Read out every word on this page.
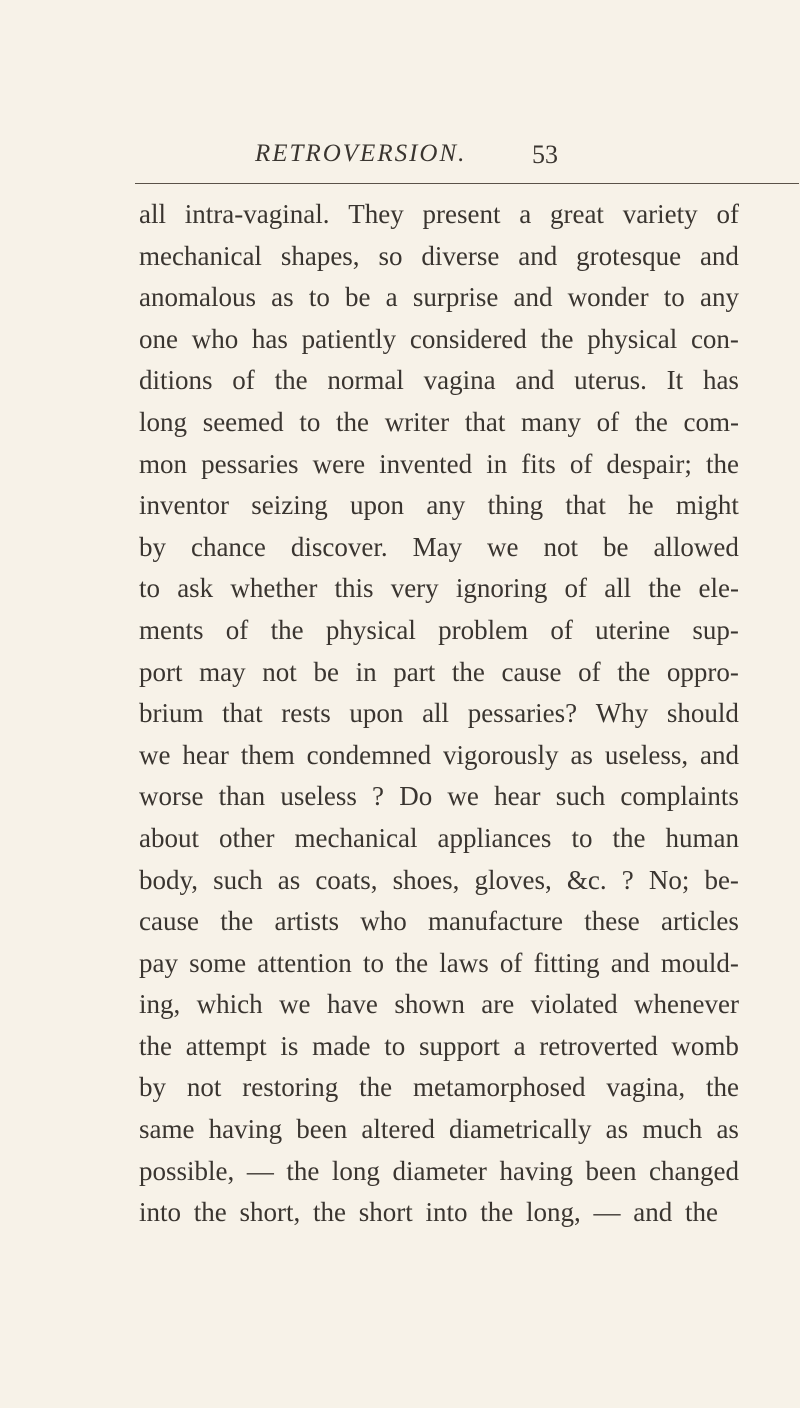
RETROVERSION.	53
all intra-vaginal. They present a great variety of
mechanical shapes, so diverse and grotesque and
anomalous as to be a surprise and wonder to any
one who has patiently considered the physical con-
ditions of the normal vagina and uterus. It has
long seemed to the writer that many of the com-
mon pessaries were invented in fits of despair; the
inventor seizing upon any thing that he might
by chance discover. May we not be allowed
to ask whether this very ignoring of all the ele-
ments of the physical problem of uterine sup-
port may not be in part the cause of the oppro-
brium that rests upon all pessaries? Why should
we hear them condemned vigorously as useless, and
worse than useless ? Do we hear such complaints
about other mechanical appliances to the human
body, such as coats, shoes, gloves, &c. ? No; be-
cause the artists who manufacture these articles
pay some attention to the laws of fitting and mould-
ing, which we have shown are violated whenever
the attempt is made to support a retroverted womb
by not restoring the metamorphosed vagina, the
same having been altered diametrically as much as
possible, — the long diameter having been changed
into the short, the short into the long, — and the
